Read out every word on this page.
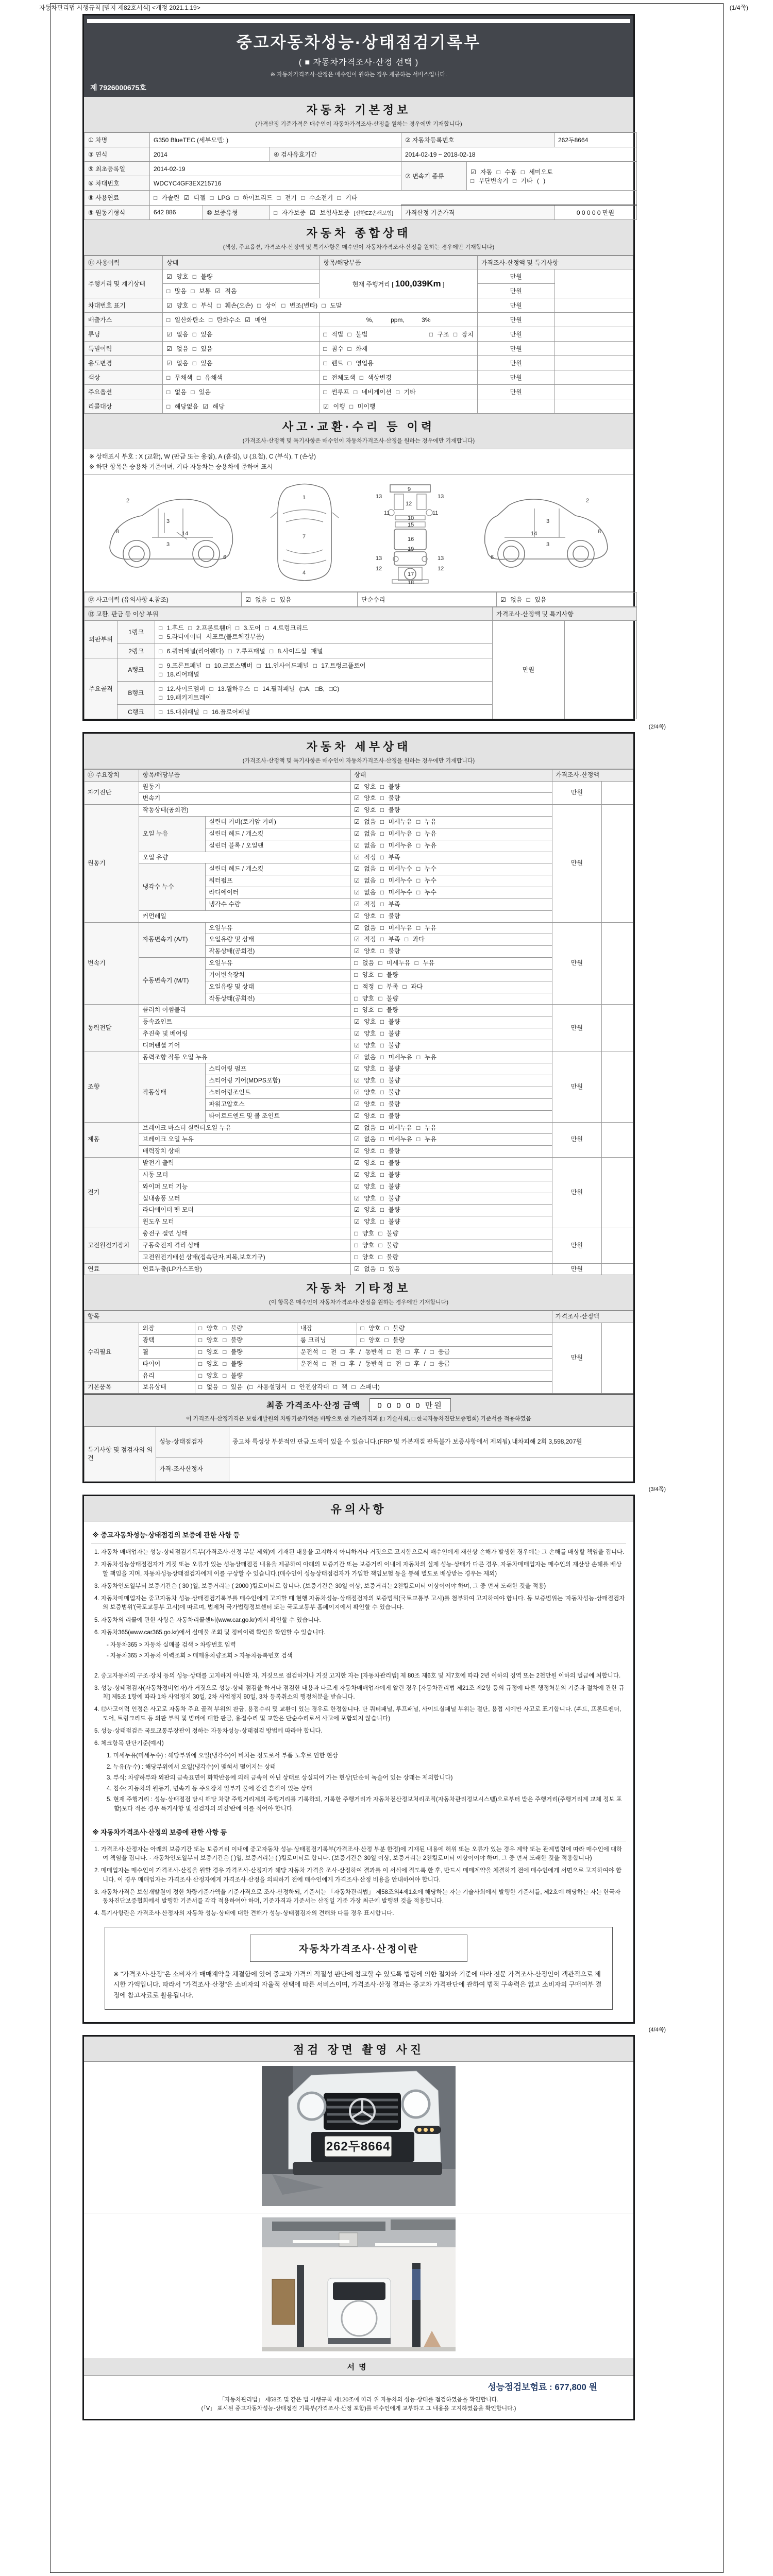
자동차관리법 시행규칙 [별지 제82호서식] <개정 2021.1.19>	(1/4쪽)
중고자동차성능·상태점검기록부
( ■ 자동차가격조사·산정 선택 )
※ 자동차가격조사·산정은 매수인이 원하는 경우 제공하는 서비스입니다.
제 7926000675호
자동차 기본정보
(가격산정 기준가격은 매수인이 자동차가격조사·산정을 원하는 경우에만 기재합니다)
① 차명	G350 BlueTEC (세부모델: )			② 자동차등록번호		262두8664
③ 연식	2014		④ 검사유효기간	2014-02-19 ~ 2018-02-18		
⑤ 최초등록일	2014-02-19			⑦ 변속기 종류	☑ 자동 □ 수동 □ 세미오토
□ 무단변속기 □ 기타 ( )	

⑥ 차대번호	WDCYC4GF3EX215716					
⑧ 사용연료	□ 가솔린 ☑ 디젤 □ LPG □ 하이브리드 □ 전기 □ 수소전기 □ 기타					
⑨ 원동기형식	642 886	⑩ 보증유형	□ 자가보증 ☑ 보험사보증 [신한EZ손해보험]	가격산정 기준가격		0 0 0 0 0 만원
자동차 종합상태
(색상, 주요옵션, 가격조사·산정액 및 특기사항은 매수인이 자동차가격조사·산정을 원하는 경우에만 기재합니다)
⑪ 사용이력	상태	항목/해당부품	가격조사·산정액 및 특기사항	
주행거리 및 계기상태	☑ 양호 □ 불량	현재 주행거리 [ 100,039Km ]	만원	
	□ 많음 □ 보통 ☑ 적음		만원	
차대번호 표기	☑ 양호 □ 부식 □ 훼손(오손) □ 상이 □ 변조(변타) □ 도말		만원	
배출가스	□ 일산화탄소 □ 탄화수소 ☑ 매연	%,          ppm,          3%	만원	
튜닝	☑ 없음 □ 있음	□ 적법 □ 불법 □ 구조 □ 장치	만원	
특별이력	☑ 없음 □ 있음	□ 침수 □ 화재	만원	
용도변경	☑ 없음 □ 있음	□ 렌트 □ 영업용	만원	
색상	□ 무채색 □ 유채색	□ 전체도색 □ 색상변경	만원	
주요옵션	□ 없음 □ 있음	□ 썬루프 □ 네비게이션 □ 기타	만원	
리콜대상	□ 해당없음 ☑ 해당	☑ 이행 □ 미이행		
사고·교환·수리 등 이력
(가격조사·산정액 및 특기사항은 매수인이 자동차가격조사·산정을 원하는 경우에만 기재합니다)
※ 상태표시 부호 : X (교환), W (판금 또는 용접), A (흠집), U (요철), C (부식), T (손상)
※ 하단 항목은 승용차 기준이며, 기타 자동차는 승용차에 준하여 표시
2
8
3
3
14
6
1
7
4
13	13
12
9
10
15
16
19
13	13
12	12
17
18
11	11
2
8
3
3
14
6
⑫ 사고이력 (유의사항 4.참조)	☑ 없음 □ 있음	단순수리	☑ 없음 □ 있음
⑬ 교환, 판금 등 이상 부위			가격조사·산정액 및 특기사항	
외판부위	1랭크	□ 1.후드 □ 2.프론트휀더 □ 3.도어 □ 4.트렁크리드
□ 5.라디에이터 서포트(볼트체결부품)	만원	
	2랭크	□ 6.쿼터패널(리어휀다) □ 7.루프패널 □ 8.사이드실 패널		
주요골격	A랭크	□ 9.프론트패널 □ 10.크로스멤버 □ 11.인사이드패널 □ 17.트렁크플로어
□ 18.리어패널		

	B랭크	□ 12.사이드멤버 □ 13.휠하우스 □ 14.필러패널 (□A, □B, □C)
□ 19.패키지트레이		

	C랭크	□ 15.대쉬패널 □ 16.플로어패널		
(2/4쪽)
자동차 세부상태
(가격조사·산정액 및 특기사항은 매수인이 자동차가격조사·산정을 원하는 경우에만 기재합니다)
⑭ 주요장치	항목/해당부품		상태	가격조사·산정액	
자기진단	원동기		☑ 양호 □ 불량	만원	
	변속기		☑ 양호 □ 불량		
원동기	작동상태(공회전)		☑ 양호 □ 불량	만원	
	오일 누유	실린더 커버(로커암 커버)	☑ 없음 □ 미세누유 □ 누유		
		실린더 헤드 / 개스킷	☑ 없음 □ 미세누유 □ 누유		
		실린더 블록 / 오일팬	☑ 없음 □ 미세누유 □ 누유		
	오일 유량		☑ 적정 □ 부족		
	냉각수 누수	실린더 헤드 / 개스킷	☑ 없음 □ 미세누수 □ 누수		
		워터펌프	☑ 없음 □ 미세누수 □ 누수		
		라디에이터	☑ 없음 □ 미세누수 □ 누수		
		냉각수 수량	☑ 적정 □ 부족		
	커먼레일		☑ 양호 □ 불량		
변속기	자동변속기 (A/T)	오일누유	☑ 없음 □ 미세누유 □ 누유	만원	
		오일유량 및 상태	☑ 적정 □ 부족 □ 과다		
		작동상태(공회전)	☑ 양호 □ 불량		
	수동변속기 (M/T)	오일누유	□ 없음 □ 미세누유 □ 누유		
		기어변속장치	□ 양호 □ 불량		
		오일유량 및 상태	□ 적정 □ 부족 □ 과다		
		작동상태(공회전)	□ 양호 □ 불량		
동력전달	클러치 어셈블리		□ 양호 □ 불량	만원	
	등속죠인트		☑ 양호 □ 불량		
	추진축 및 베어링		☑ 양호 □ 불량		
	디퍼렌셜 기어		☑ 양호 □ 불량		
조향	동력조향 작동 오일 누유		☑ 없음 □ 미세누유 □ 누유	만원	
	작동상태	스티어링 펌프	☑ 양호 □ 불량		
		스티어링 기어(MDPS포함)	☑ 양호 □ 불량		
		스티어링조인트	☑ 양호 □ 불량		
		파워고압호스	☑ 양호 □ 불량		
		타이로드엔드 및 볼 조인트	☑ 양호 □ 불량		
제동	브레이크 마스터 실린더오일 누유		☑ 없음 □ 미세누유 □ 누유	만원	
	브레이크 오일 누유		☑ 없음 □ 미세누유 □ 누유		
	배력장치 상태		☑ 양호 □ 불량		
전기	발전기 출력		☑ 양호 □ 불량	만원	
	시동 모터		☑ 양호 □ 불량		
	와이퍼 모터 기능		☑ 양호 □ 불량		
	실내송풍 모터		☑ 양호 □ 불량		
	라디에이터 팬 모터		☑ 양호 □ 불량		
	윈도우 모터		☑ 양호 □ 불량		
고전원전기장치	충전구 절연 상태		□ 양호 □ 불량	만원	
	구동축전지 격리 상태		□ 양호 □ 불량		
	고전원전기배선 상태(접속단자,피복,보호기구)		□ 양호 □ 불량		
연료	연료누출(LP가스포함)		☑ 없음 □ 있음	만원	
자동차 기타정보
(이 항목은 매수인이 자동차가격조사·산정을 원하는 경우에만 기재합니다)
항목					가격조사·산정액	
수리필요	외장	□ 양호 □ 불량	내장	□ 양호 □ 불량	만원	
	광택	□ 양호 □ 불량	룸 크리닝	□ 양호 □ 불량		
	휠	□ 양호 □ 불량	운전석 □ 전 □ 후 / 동반석 □ 전 □ 후 / □ 응급			
	타이어	□ 양호 □ 불량	운전석 □ 전 □ 후 / 동반석 □ 전 □ 후 / □ 응급			
	유리	□ 양호 □ 불량				
기본품목	보유상태	□ 없음 □ 있음 (□ 사용설명서 □ 안전삼각대 □ 잭 □ 스패너)				
최종 가격조사·산정 금액 0 0 0 0 0 만원
이 가격조사·산정가격은 보험개발원의 차량기준가액을 바탕으로 한 기준가격과 (□ 기술사회, □ 한국자동차진단보증협회) 기준서를 적용하였음
특기사항 및 점검자의 의견	성능·상태점검자	중고차 특성상 부분적인 판금,도색이 있을 수 있습니다.(FRP 및 카본재질 판독불가 보증사항에서 제외됨),내차피해 2회 3,598,207원
	가격·조사산정자	
(3/4쪽)
유의사항
※ 중고자동차성능·상태점검의 보증에 관한 사항 등
1. 자동차 매매업자는 성능·상태점검기록부(가격조사·산정 부분 제외)에 기재된 내용을 고지하지 아니하거나 거짓으로 고지함으로써 매수인에게 재산상 손해가 발생한 경우에는 그 손해를 배상할 책임을 집니다.
2. 자동차성능상태점검자가 거짓 또는 오류가 있는 성능상태점검 내용을 제공하여 아래의 보증기간 또는 보증거리 이내에 자동차의 실제 성능·상태가 다른 경우, 자동차매매업자는 매수인의 재산상 손해를 배상할 책임을 지며, 자동차성능상태점검자에게 이를 구상할 수 있습니다.(매수인이 성능상태점검자가 가입한 책임보험 등을 통해 별도로 배상받는 경우는 제외)
3. 자동차인도일부터 보증기간은 ( 30 )일, 보증거리는 ( 2000 )킬로미터로 합니다. (보증기간은 30일 이상, 보증거리는 2천킬로미터 이상이어야 하며, 그 중 먼저 도래한 것을 적용)
4. 자동차매매업자는 중고자동차 성능·상태점검기록부를 매수인에게 고지할 때 현행 자동차성능·상태점검자의 보증범위(국토교통부 고시)를 첨부하여 고지하여야 합니다. 동 보증범위는 '자동차성능·상태점검자의 보증범위'(국토교통부 고시)에 따르며, 법제처 국가법령정보센터 또는 국토교통부 홈페이지에서 확인할 수 있습니다.
5. 자동차의 리콜에 관한 사항은 자동차리콜센터(www.car.go.kr)에서 확인할 수 있습니다.
6. 자동차365(www.car365.go.kr)에서 실매물 조회 및 정비이력 확인을 확인할 수 있습니다.
- 자동차365 > 자동차 실매물 검색 > 차량번호 입력
- 자동차365 > 자동차 이력조회 > 매매용차량조회 > 자동차등록번호 검색
2. 중고자동차의 구조·장치 등의 성능·상태를 고지하지 아니한 자, 거짓으로 점검하거나 거짓 고지한 자는 [자동차관리법] 제 80조 제6호 및 제7호에 따라 2년 이하의 징역 또는 2천만원 이하의 벌금에 처합니다.
3. 성능·상태점검자(자동차정비업자)가 거짓으로 성능·상태 점검을 하거나 점검한 내용과 다르게 자동차매매업자에게 알린 경우 [자동차관리법 제21조 제2항 등의 규정에 따른 행정처분의 기준과 절차에 관한 규칙] 제5조 1항에 따라 1차 사업정지 30일, 2차 사업정지 90일, 3차 등록취소의 행정처분을 받습니다.
4. ⑫사고이력 인정은 사고로 자동차 주요 골격 부위의 판금, 용접수리 및 교환이 있는 경우로 한정합니다. 단 쿼터패널, 루프패널, 사이드실패널 부위는 절단, 용접 시에만 사고로 표기합니다. (후드, 프론트펜더, 도어, 트렁크리드 등 외판 부위 및 범퍼에 대한 판금, 용접수리 및 교환은 단순수리로서 사고에 포함되지 않습니다)
5. 성능·상태점검은 국토교통부장관이 정하는 자동차성능·상태점검 방법에 따라야 합니다.
6. 체크항목 판단기준(예시)
1. 미세누유(미세누수) : 해당부위에 오일(냉각수)이 비치는 정도로서 부품 노후로 인한 현상
2. 누유(누수) : 해당부위에서 오일(냉각수)이 맺혀서 떨어지는 상태
3. 부식: 차량하부와 외판의 금속표면이 화학반응에 의해 금속이 아닌 상태로 상실되어 가는 현상(단순히 녹슬어 있는 상태는 제외합니다)
4. 침수: 자동차의 원동기, 변속기 등 주요장치 일부가 물에 잠긴 흔적이 있는 상태
5. 현재 주행거리 : 성능·상태점검 당시 해당 차량 주행거리계의 주행거리를 기록하되, 기록한 주행거리가 자동차전산정보처리조직(자동차관리정보시스템)으로부터 받은 주행거리(주행거리계 교체 정보 포함)보다 적은 경우 특기사항 및 점검자의 의견'란에 이를 적어야 합니다.
※ 자동차가격조사·산정의 보증에 관한 사항 등
1. 가격조사·산정자는 아래의 보증기간 또는 보증거리 이내에 중고자동차 성능·상태점검기록부(가격조사·산정 부분 한정)에 기재된 내용에 허위 또는 오류가 있는 경우 계약 또는 관계법령에 따라 매수인에 대하여 책임을 집니다. · 자동차인도일부터 보증기간은 ( )일, 보증거리는 ( )킬로미터로 합니다. (보증기간은 30일 이상, 보증거리는 2천킬로미터 이상이어야 하며, 그 중 먼저 도래한 것을 적용합니다)
2. 매매업자는 매수인이 가격조사·산정을 원할 경우 가격조사·산정자가 해당 자동차 가격을 조사·산정하여 결과를 이 서식에 적도록 한 후, 반드시 매매계약을 체결하기 전에 매수인에게 서면으로 고지하여야 합니다. 이 경우 매매업자는 가격조사·산정자에게 가격조사·산정을 의뢰하기 전에 매수인에게 가격조사·산정 비용을 안내하여야 합니다.
3. 자동차가격은 보험개발원이 정한 차량기준가액을 기준가격으로 조사·산정하되, 기준서는 「자동차관리법」 제58조의4제1호에 해당하는 자는 기술사회에서 발행한 기준서를, 제2호에 해당하는 자는 한국자동차진단보증협회에서 발행한 기준서를 각각 적용하여야 하며, 기준가격과 기준서는 산정일 기준 가장 최근에 발행된 것을 적용합니다.
4. 특기사항란은 가격조사·산정자의 자동차 성능·상태에 대한 견해가 성능·상태점검자의 견해와 다를 경우 표시합니다.
자동차가격조사·산정이란
※ "가격조사·산정"은 소비자가 매매계약을 체결함에 있어 중고차 가격의 적절성 판단에 참고할 수 있도록 법령에 의한 절차와 기준에 따라 전문 가격조사·산정인이 객관적으로 제시한 가액입니다. 따라서 "가격조사·산정"은 소비자의 자율적 선택에 따른 서비스이며, 가격조사·산정 결과는 중고차 가격판단에 관하여 법적 구속력은 없고 소비자의 구매여부 결정에 참고자료로 활용됩니다.
(4/4쪽)
점검 장면 촬영 사진
262두8664
서명
성능점검보험료 : 677,800 원
「자동차관리법」 제58조 및 같은 법 시행규칙 제120조에 따라 위 자동차의 성능·상태를 점검하였음을 확인합니다.
(「Ⅴ」 표시된 중고자동차성능·상태점검 기록부(가격조사·산정 포함)를 매수인에게 교부하고 그 내용을 고지하였음을 확인합니다.)
